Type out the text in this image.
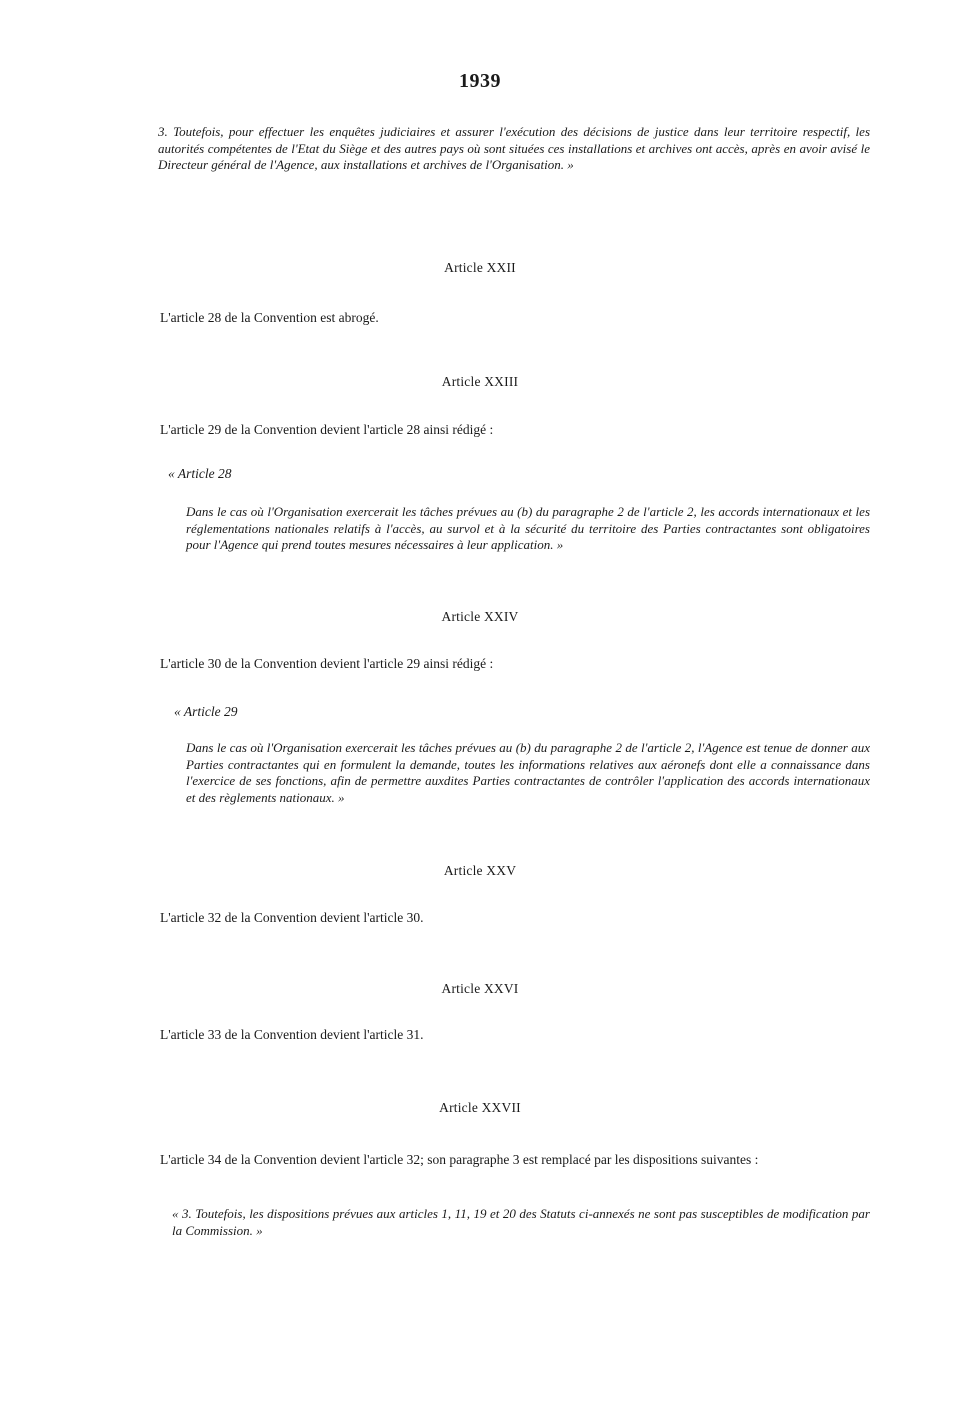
1939

3. Toutefois, pour effectuer les enquêtes judiciaires et assurer l'exécution des décisions de justice dans leur territoire respectif, les autorités compétentes de l'Etat du Siège et des autres pays où sont situées ces installations et archives ont accès, après en avoir avisé le Directeur général de l'Agence, aux installations et archives de l'Organisation. »

Article XXII
L'article 28 de la Convention est abrogé.
Article XXIII
L'article 29 de la Convention devient l'article 28 ainsi rédigé :
« Article 28

Dans le cas où l'Organisation exercerait les tâches prévues au (b) du paragraphe 2 de l'article 2, les accords internationaux et les réglementations nationales relatifs à l'accès, au survol et à la sécurité du territoire des Parties contractantes sont obligatoires pour l'Agence qui prend toutes mesures nécessaires à leur application. »

Article XXIV
L'article 30 de la Convention devient l'article 29 ainsi rédigé :
« Article 29

Dans le cas où l'Organisation exercerait les tâches prévues au (b) du paragraphe 2 de l'article 2, l'Agence est tenue de donner aux Parties contractantes qui en formulent la demande, toutes les informations relatives aux aéronefs dont elle a connaissance dans l'exercice de ses fonctions, afin de permettre auxdites Parties contractantes de contrôler l'application des accords internationaux et des règlements nationaux. »

Article XXV
L'article 32 de la Convention devient l'article 30.
Article XXVI
L'article 33 de la Convention devient l'article 31.
Article XXVII

L'article 34 de la Convention devient l'article 32; son paragraphe 3 est remplacé par les dispositions suivantes :

« 3. Toutefois, les dispositions prévues aux articles 1, 11, 19 et 20 des Statuts ci-annexés ne sont pas susceptibles de modification par la Commission. »
